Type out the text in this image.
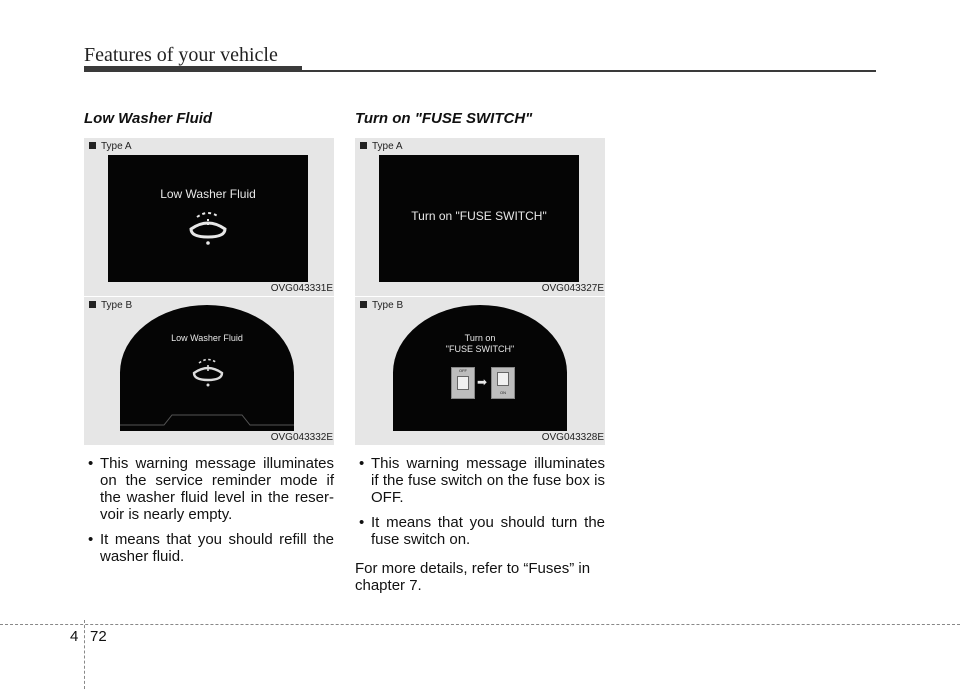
Features of your vehicle
Low Washer Fluid
Type A
Low Washer Fluid
OVG043331E
Type B
Low Washer Fluid
OVG043332E
• This warning message illuminates on the service reminder mode if the washer fluid level in the reser-voir is nearly empty.
• It means that you should refill the washer fluid.
Turn on "FUSE SWITCH"
Type A
Turn on "FUSE SWITCH"
OVG043327E
Type B
Turn on
"FUSE SWITCH"
OFF
➡
ON
OVG043328E
• This warning message illuminates if the fuse switch on the fuse box is OFF.
• It means that you should turn the fuse switch on.

For more details, refer to “Fuses” in chapter 7.

4 72
